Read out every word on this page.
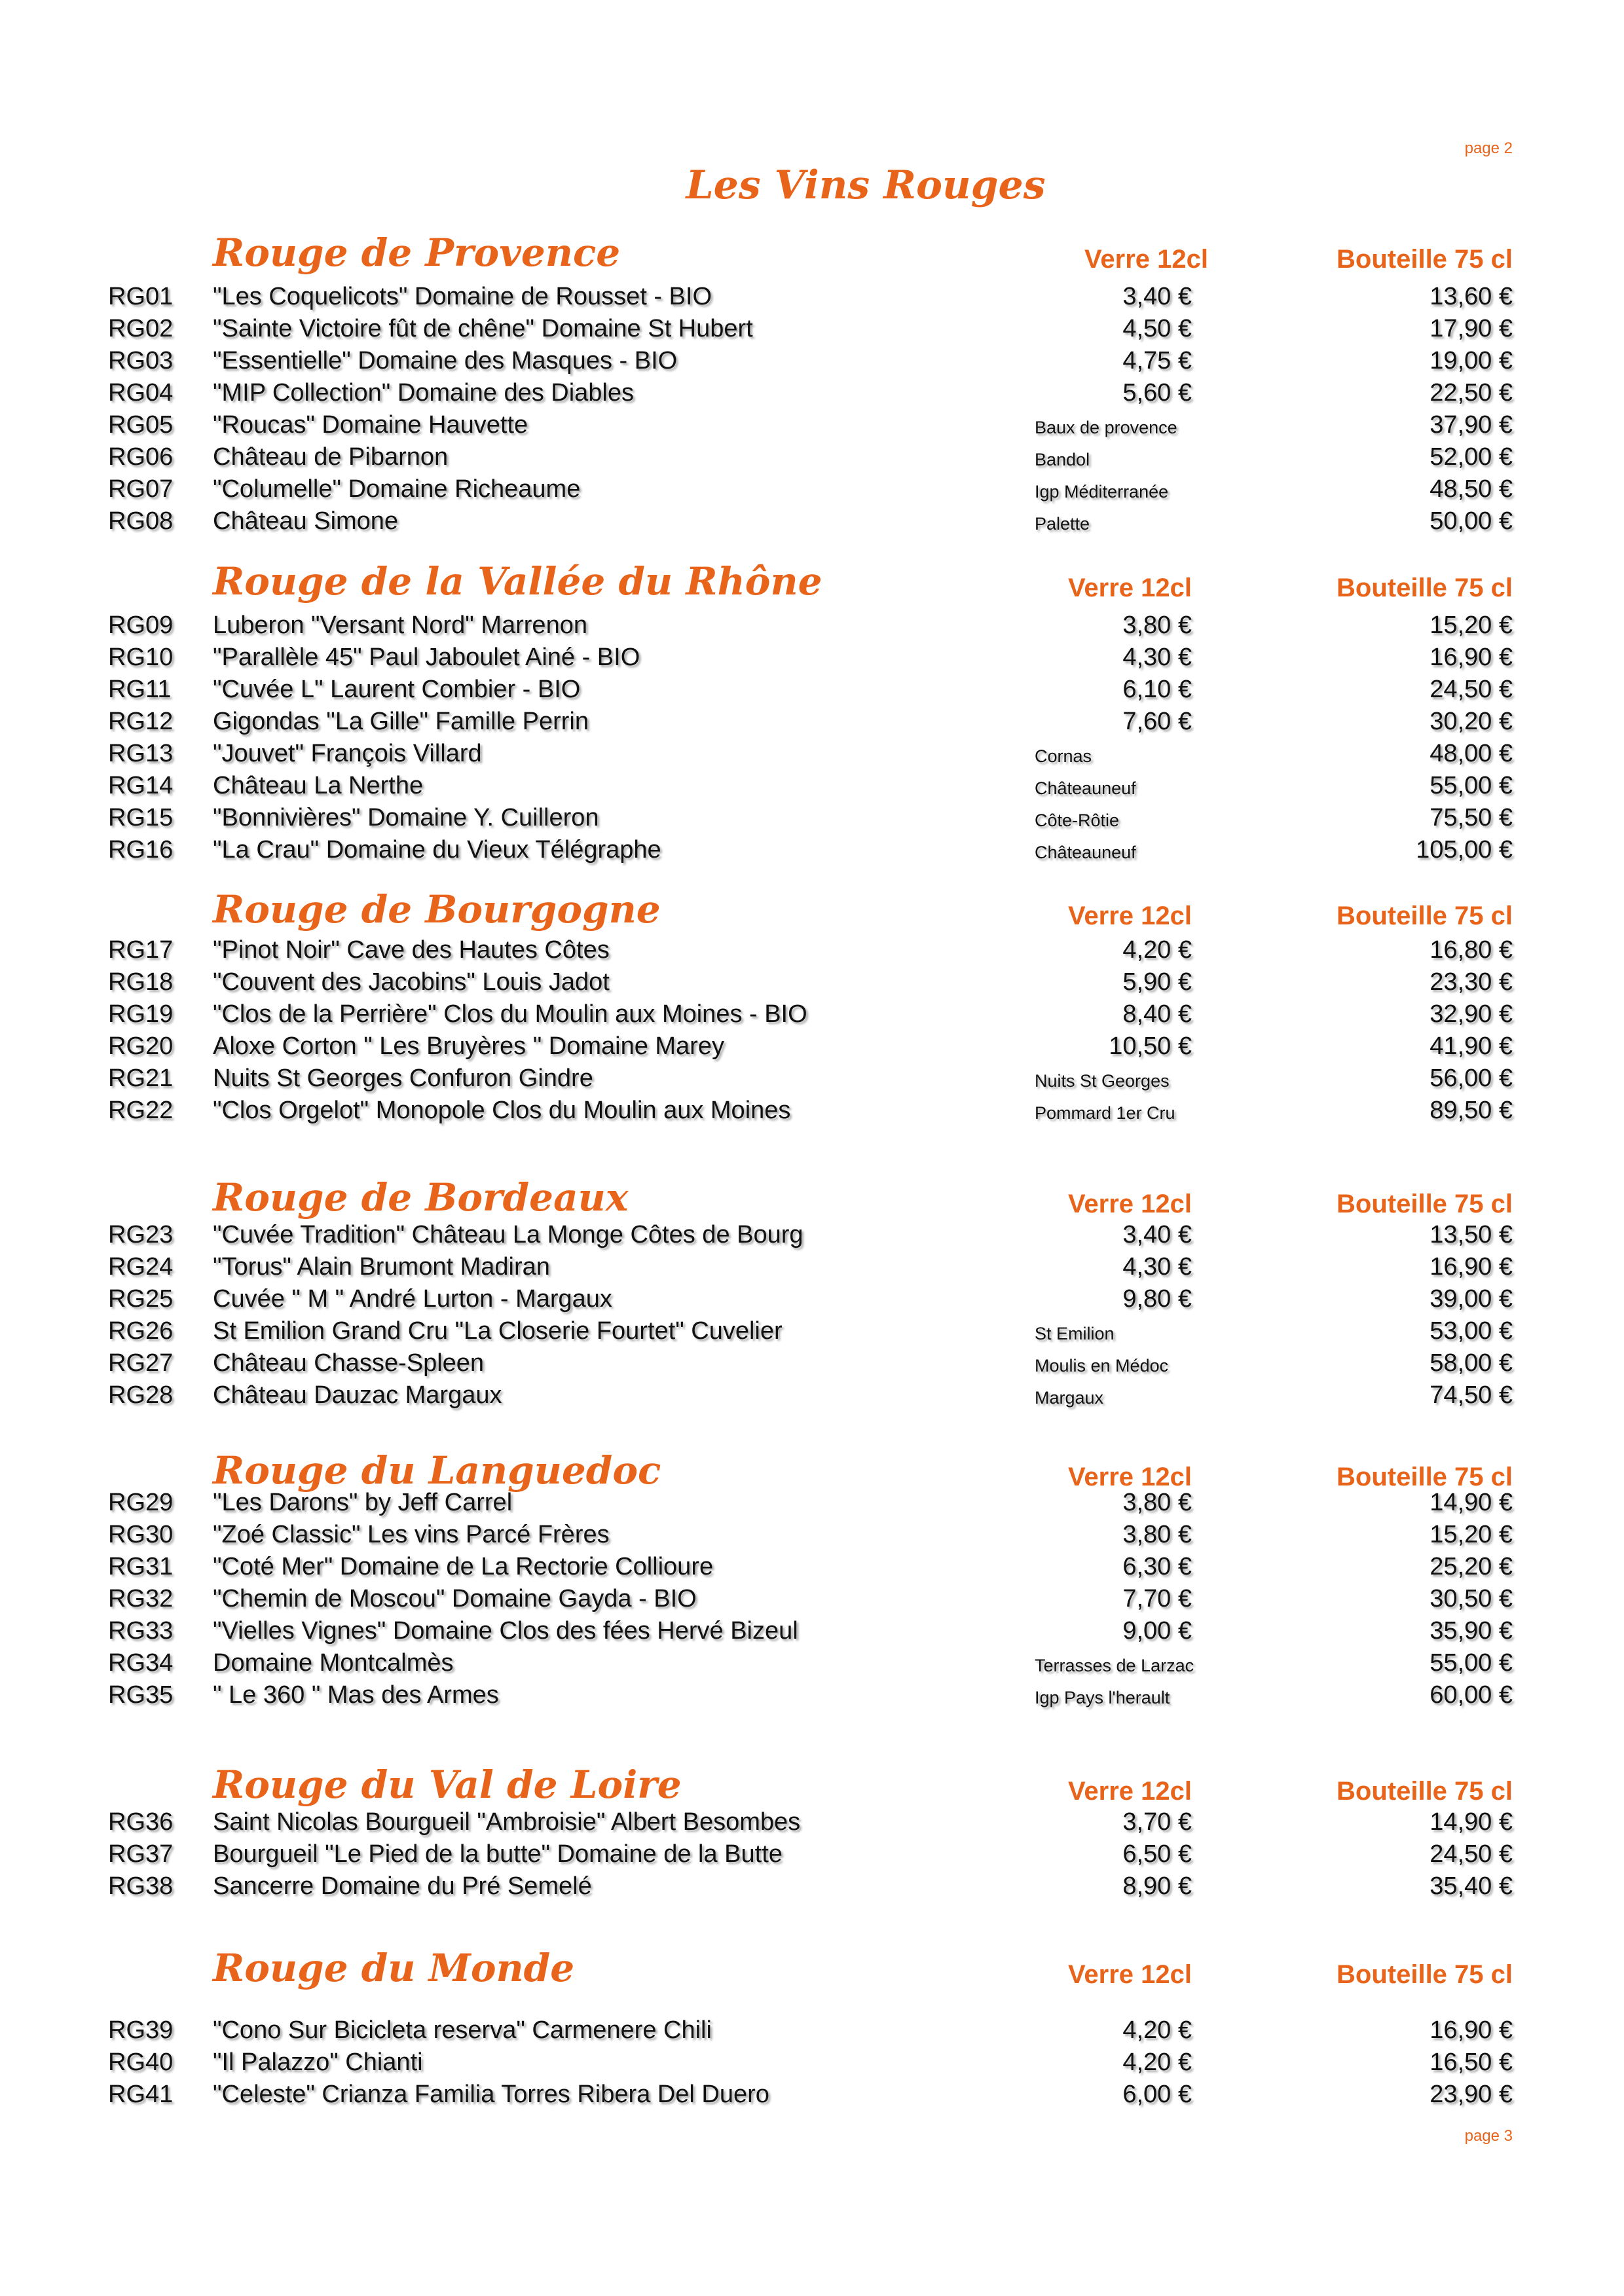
page 2
Les Vins Rouges
Rouge de Provence	Verre 12cl	Bouteille 75 cl
RG01 "Les Coquelicots" Domaine de Rousset - BIO	3,40 €	13,60 €
RG02 "Sainte Victoire fût de chêne" Domaine St Hubert	4,50 €	17,90 €
RG03 "Essentielle" Domaine des Masques - BIO	4,75 €	19,00 €
RG04 "MIP Collection" Domaine des Diables	5,60 €	22,50 €
RG05 "Roucas" Domaine Hauvette	Baux de provence	37,90 €
RG06 Château de Pibarnon	Bandol	52,00 €
RG07 "Columelle" Domaine Richeaume	Igp Méditerranée	48,50 €
RG08 Château Simone	Palette	50,00 €
Rouge de la Vallée du Rhône	Verre 12cl	Bouteille 75 cl
RG09 Luberon "Versant Nord" Marrenon	3,80 €	15,20 €
RG10 "Parallèle 45" Paul Jaboulet Ainé - BIO	4,30 €	16,90 €
RG11 "Cuvée L" Laurent Combier - BIO	6,10 €	24,50 €
RG12 Gigondas "La Gille" Famille Perrin	7,60 €	30,20 €
RG13 "Jouvet" François Villard	Cornas	48,00 €
RG14 Château La Nerthe	Châteauneuf	55,00 €
RG15 "Bonnivières" Domaine Y. Cuilleron	Côte-Rôtie	75,50 €
RG16 "La Crau" Domaine du Vieux Télégraphe	Châteauneuf	105,00 €
Rouge de Bourgogne	Verre 12cl	Bouteille 75 cl
RG17 "Pinot Noir" Cave des Hautes Côtes	4,20 €	16,80 €
RG18 "Couvent des Jacobins" Louis Jadot	5,90 €	23,30 €
RG19 "Clos de la Perrière" Clos du Moulin aux Moines - BIO	8,40 €	32,90 €
RG20 Aloxe Corton " Les Bruyères " Domaine Marey	10,50 €	41,90 €
RG21 Nuits St Georges Confuron Gindre	Nuits St Georges	56,00 €
RG22 "Clos Orgelot" Monopole Clos du Moulin aux Moines	Pommard 1er Cru	89,50 €
Rouge de Bordeaux	Verre 12cl	Bouteille 75 cl
RG23 "Cuvée Tradition" Château La Monge Côtes de Bourg	3,40 €	13,50 €
RG24 "Torus" Alain Brumont Madiran	4,30 €	16,90 €
RG25 Cuvée " M " André Lurton - Margaux	9,80 €	39,00 €
RG26 St Emilion Grand Cru "La Closerie Fourtet" Cuvelier	St Emilion	53,00 €
RG27 Château Chasse-Spleen	Moulis en Médoc	58,00 €
RG28 Château Dauzac Margaux	Margaux	74,50 €
Rouge du Languedoc	Verre 12cl	Bouteille 75 cl
RG29 "Les Darons" by Jeff Carrel	3,80 €	14,90 €
RG30 "Zoé Classic" Les vins Parcé Frères	3,80 €	15,20 €
RG31 "Coté Mer" Domaine de La Rectorie Collioure	6,30 €	25,20 €
RG32 "Chemin de Moscou" Domaine Gayda - BIO	7,70 €	30,50 €
RG33 "Vielles Vignes" Domaine Clos des fées Hervé Bizeul	9,00 €	35,90 €
RG34 Domaine Montcalmès	Terrasses de Larzac	55,00 €
RG35 " Le 360 " Mas des Armes	Igp Pays l'herault	60,00 €
Rouge du Val de Loire	Verre 12cl	Bouteille 75 cl
RG36 Saint Nicolas Bourgueil "Ambroisie" Albert Besombes	3,70 €	14,90 €
RG37 Bourgueil "Le Pied de la butte" Domaine de la Butte	6,50 €	24,50 €
RG38 Sancerre Domaine du Pré Semelé	8,90 €	35,40 €
Rouge du Monde	Verre 12cl	Bouteille 75 cl
RG39 "Cono Sur Bicicleta reserva" Carmenere Chili	4,20 €	16,90 €
RG40 "Il Palazzo" Chianti	4,20 €	16,50 €
RG41 "Celeste" Crianza Familia Torres Ribera Del Duero	6,00 €	23,90 €
page 3
